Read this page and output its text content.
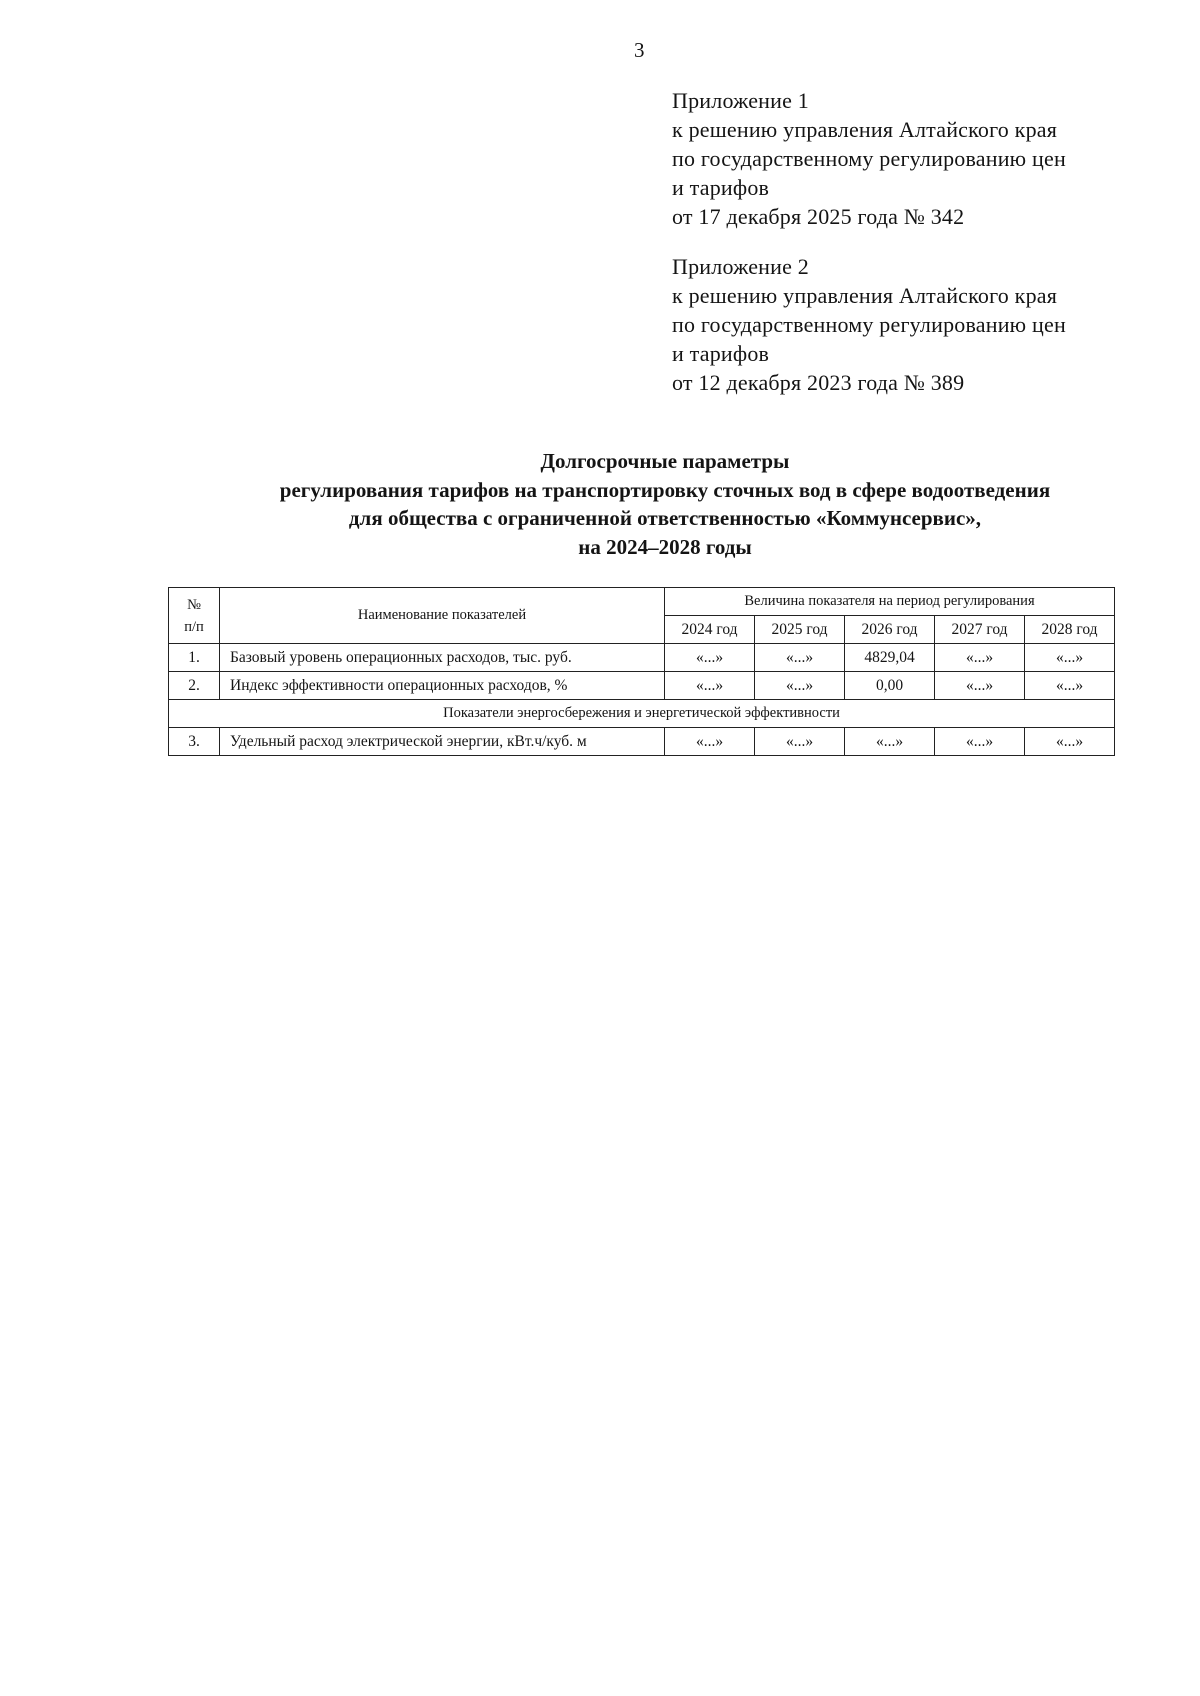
3
Приложение 1
к решению управления Алтайского края
по государственному регулированию цен
и тарифов
от 17 декабря 2025 года № 342
Приложение 2
к решению управления Алтайского края
по государственному регулированию цен
и тарифов
от 12 декабря 2023 года № 389
Долгосрочные параметры
регулирования тарифов на транспортировку сточных вод в сфере водоотведения
для общества с ограниченной ответственностью «Коммунсервис»,
на 2024–2028 годы
№
п/п	Наименование показателей	Величина показателя на период регулирования				
		2024 год	2025 год	2026 год	2027 год	2028 год
1.	Базовый уровень операционных расходов, тыс. руб.	«...»	«...»	4829,04	«...»	«...»
2.	Индекс эффективности операционных расходов, %	«...»	«...»	0,00	«...»	«...»
Показатели энергосбережения и энергетической эффективности						
3.	Удельный расход электрической энергии, кВт.ч/куб. м	«...»	«...»	«...»	«...»	«...»
